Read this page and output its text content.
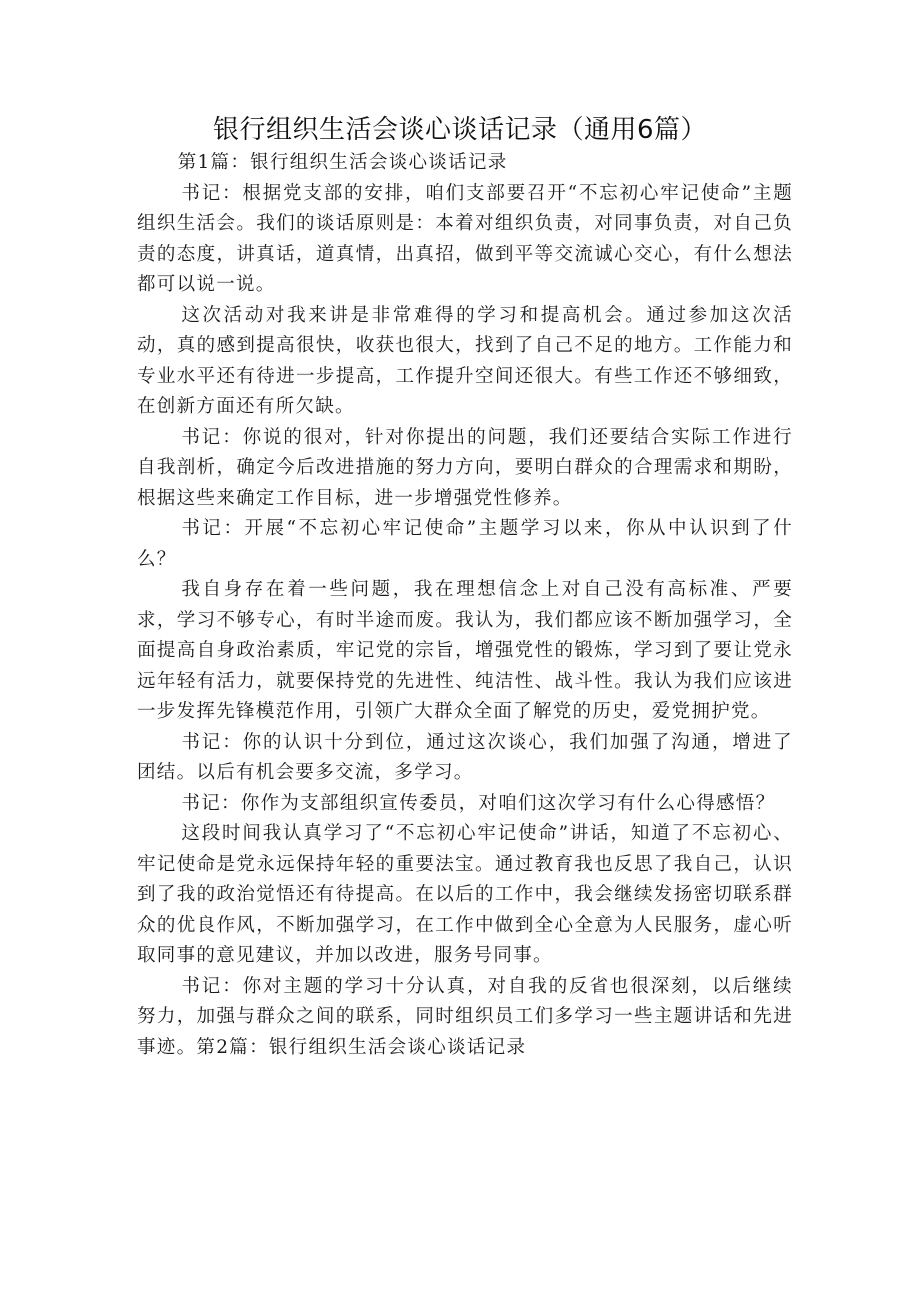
银行组织生活会谈心谈话记录（通用6篇）

第1篇：银行组织生活会谈心谈话记录

书记：根据党支部的安排，咱们支部要召开“不忘初心牢记使命”主题组织生活会。我们的谈话原则是：本着对组织负责，对同事负责，对自己负责的态度，讲真话，道真情，出真招，做到平等交流诚心交心，有什么想法都可以说一说。

这次活动对我来讲是非常难得的学习和提高机会。通过参加这次活动，真的感到提高很快，收获也很大，找到了自己不足的地方。工作能力和专业水平还有待进一步提高，工作提升空间还很大。有些工作还不够细致，在创新方面还有所欠缺。

书记：你说的很对，针对你提出的问题，我们还要结合实际工作进行自我剖析，确定今后改进措施的努力方向，要明白群众的合理需求和期盼，根据这些来确定工作目标，进一步增强党性修养。

书记：开展“不忘初心牢记使命”主题学习以来，你从中认识到了什么？

我自身存在着一些问题，我在理想信念上对自己没有高标准、严要求，学习不够专心，有时半途而废。我认为，我们都应该不断加强学习，全面提高自身政治素质，牢记党的宗旨，增强党性的锻炼，学习到了要让党永远年轻有活力，就要保持党的先进性、纯洁性、战斗性。我认为我们应该进一步发挥先锋模范作用，引领广大群众全面了解党的历史，爱党拥护党。

书记：你的认识十分到位，通过这次谈心，我们加强了沟通，增进了团结。以后有机会要多交流，多学习。

书记：你作为支部组织宣传委员，对咱们这次学习有什么心得感悟？

这段时间我认真学习了“不忘初心牢记使命”讲话，知道了不忘初心、牢记使命是党永远保持年轻的重要法宝。通过教育我也反思了我自己，认识到了我的政治觉悟还有待提高。在以后的工作中，我会继续发扬密切联系群众的优良作风，不断加强学习，在工作中做到全心全意为人民服务，虚心听取同事的意见建议，并加以改进，服务号同事。

书记：你对主题的学习十分认真，对自我的反省也很深刻，以后继续努力，加强与群众之间的联系，同时组织员工们多学习一些主题讲话和先进事迹。第2篇：银行组织生活会谈心谈话记录
